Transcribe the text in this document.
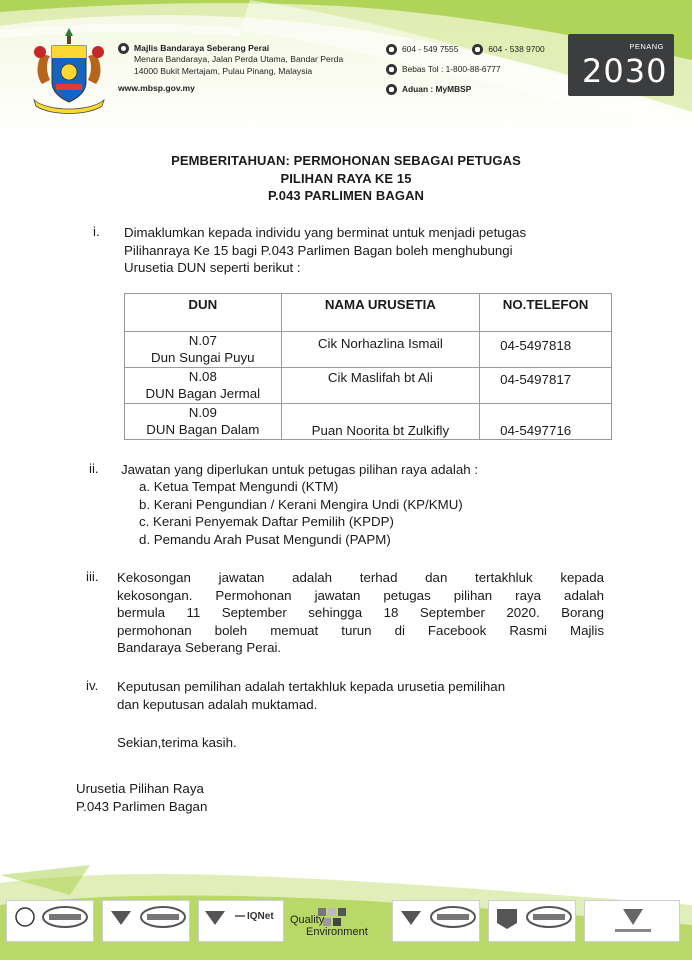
Majlis Bandaraya Seberang Perai
Menara Bandaraya, Jalan Perda Utama, Bandar Perda
14000 Bukit Mertajam, Pulau Pinang, Malaysia
www.mbsp.gov.my
604 - 549 7555	604 - 538 9700
Bebas Tol : 1-800-88-6777
Aduan : MyMBSP
PENANG
2030
PEMBERITAHUAN: PERMOHONAN SEBAGAI PETUGAS
PILIHAN RAYA KE 15
P.043 PARLIMEN BAGAN
i. Dimaklumkan kepada individu yang berminat untuk menjadi petugas
Pilihanraya Ke 15 bagi P.043 Parlimen Bagan boleh menghubungi
Urusetia DUN seperti berikut :
DUN	NAMA URUSETIA	NO.TELEFON

N.07
Dun Sungai Puyu	Cik Norhazlina Ismail	04-5497818

N.08
DUN Bagan Jermal	Cik Maslifah bt Ali	04-5497817

N.09
DUN Bagan Dalam	Puan Noorita bt Zulkifly	04-5497716
ii. Jawatan yang diperlukan untuk petugas pilihan raya adalah :
a. Ketua Tempat Mengundi (KTM)
b. Kerani Pengundian / Kerani Mengira Undi (KP/KMU)
c. Kerani Penyemak Daftar Pemilih (KPDP)
d. Pemandu Arah Pusat Mengundi (PAPM)
iii. Kekosongan jawatan adalah terhad dan tertakhluk kepada
kekosongan. Permohonan jawatan petugas pilihan raya adalah
bermula 11 September sehingga 18 September 2020. Borang
permohonan boleh memuat turun di Facebook Rasmi Majlis
Bandaraya Seberang Perai.
iv. Keputusan pemilihan adalah tertakhluk kepada urusetia pemilihan
dan keputusan adalah muktamad.
Sekian,terima kasih.
Urusetia Pilihan Raya
P.043 Parlimen Bagan

IQNet Quality
Environment
